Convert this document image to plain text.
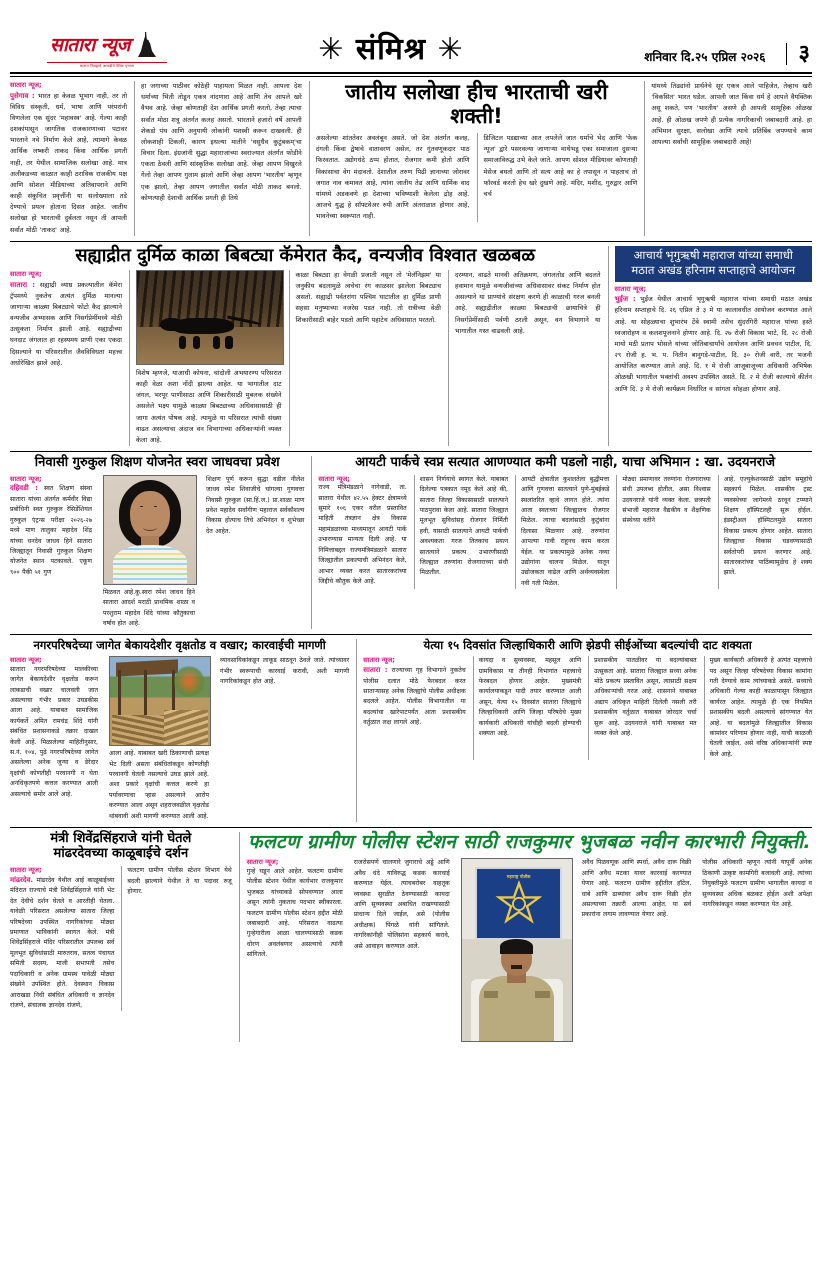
सातारा न्यूज
सातारा जिल्ह्याचे आघाडीचे दैनिक वृत्तपत्र	✳ संमिश्र ✳	शनिवार दि.२५ एप्रिल २०२६	३
सातारा न्यूज;
पुसेगाव : भारत हा केवळ भूभाग नाही, तर तो विविध संस्कृती, धर्म, भाषा आणि परंपरांनी विणलेला एक सुंदर 'महावस्त्र' आहे. गेल्या काही दशकांपासून जागतिक राजकारणाच्या पटावर भारताने नवे निर्माण केले आहे, त्यामागे केवळ आर्थिक लष्करी ताकद किंवा आर्थिक प्रगती नाही, तर येथील सामाजिक सलोखा आहे. मात्र अलीकडच्या काळात काही ठराविक राजकीय पक्ष आणि सोशल मीडियाच्या अतिवापराने आणि काही संकुचित प्रवृत्तींनी या सलोख्याला तडे देण्याचे प्रयत्न होताना दिसत आहेत. जातीय सलोखा हो भारताची दुर्बलता नसून ती आपली सर्वात मोठी 'ताकद' आहे.
हा जगाच्या पाठीवर कोठेही पाहायला मिळत नाही. आपला देश धर्माच्या भिंती तोडून एकत्र नांदणारा आहे आणि तेच आपले खरे वैभव आहे. जेव्हा कोणताही देश आर्थिक प्रगती करतो, तेव्हा त्याचा सर्वात मोठा शत्रू अंतर्गत कलह असतो. भारताने हजारो वर्षे आपली शेकडो पंथ आणि अनुयायी लोकांनी यशस्वी करून दाखवली. ही लोकशाही टिकली, कारण इथल्या मातीने 'वसुधैव कुटुंबकम्'चा विचार दिला. इंग्रजांनी सुद्धा महाराजांच्या स्वराज्यात अंतर्गत फोडीने एकता ठेवली आणि सांस्कृतिक सलोखा आहे. जेव्हा आपण विखुरले गेलो तेव्हा आपण गुलाम झालो आणि जेव्हा आपण 'भारतीय' म्हणून एक झालो, तेव्हा आपण जगातील सर्वात मोठी ताकद बनलो. कोणत्याही देशाची आर्थिक प्रगती ही तिथे
जातीय सलोखा हीच भारताची खरी शक्ती!
असलेल्या शांततेवर अवलंबून असते. जो देश अंतर्गत कलह, दंगली किंवा द्वेषाचे वातावरण असेल, तर गुंतवणूकदार पाठ फिरवतात. उद्योगधंदे ठप्प होतात, रोजगार कमी होतो आणि विकासाचा वेग मंदावतो. देशातील तरुण पिढी ज्ञानाच्या जोरावर जगात नाव कमावत आहे, त्यांना जातीय तेढ आणि धार्मिक वाद यांमध्ये अडकवणे हा देशाच्या भविष्याशी केलेला द्रोह आहे. आजचे युद्ध हे सॉफ्टवेअर रुपी आणि अंतराळात होणार आहे, भावनेच्या स्वरूपात नाही.
डिजिटल पडद्याच्या आत लपलेले जात धर्माचे भेद आणि 'फेक न्यूज' द्वारे पसरवल्या जाणाऱ्या माथेभडू एका समाजाला दुसऱ्या समाजाविरुद्ध उभे केले जाते. आपण सोशल मीडियावर कोणताही मेसेज बघतो आणि तो सत्य आहे का हे तपासून न पाहताच तो फॉरवर्ड करतो हेच खरे दुखणे आहे. मंदिर, मशीद, गुरुद्वार आणि चर्च
यांमध्ये तिढ्यांनो प्रार्थनेचे सूर एकत्र आले पाहिजेत, तेव्हाच खरी 'विकसित' भारत घडेल. आपली जात किंवा धर्म हे आपले वैयक्तिक असू शकते, पण 'भारतीय' असणे ही आपली सामूहिक ओळख आहे. ही ओळख जपणे ही प्रत्येक नागरिकाची जबाबदारी आहे. हा अभिमान सुरक्षा, सलोखा आणि त्याचे प्रतिबिंब जपण्याचे काम आपल्या सर्वांची सामूहिक जबाबदारी आहे!
सह्याद्रीत दुर्मिळ काळा बिबट्या कॅमेरात कैद, वन्यजीव विश्वात खळबळ
सातारा न्यूज;
सातारा : सह्याद्री व्याघ्र प्रकल्पातील कॅमेरा ट्रॅपमध्ये नुकतेच अत्यंत दुर्मिळ मानल्या जाणाऱ्या काळ्या बिबट्याचे फोटो कैद झाल्याने वन्यजीव अभ्यासक आणि निसर्गप्रेमींमध्ये मोठी उत्सुकता निर्माण झाली आहे. सह्याद्रीच्या घनदाट जंगलात हा रहस्यमय प्राणी एका एकदा दिसल्याने या परिसरातील जैवविविधता महत्त्व अधोरेखित झाले आहे.
विशेष म्हणजे, याआधी कोयना, चांदोली अभयारण्य परिसरात काही वेळा अशा नोंदी झाल्या आहेत. या भागातील दाट जंगल, भरपूर पाणीसाठा आणि शिकारीसाठी मुबलक संख्येने असलेले भक्ष्य यामुळे काळ्या बिबट्याच्या अधिवासासाठी ही जागा अत्यंत पोषक आहे. त्यामुळे या परिसरात त्यांची संख्या वाढत असल्याचा अंदाज वन विभागाच्या अधिकाऱ्यांनी व्यक्त केला आहे.
काळा बिबट्या हा वेगळी प्रजाती नसून तो 'मेलॅनिझम' या जनुकीय बदलामुळे त्वचेचा रंग काळसर झालेला बिबट्याच असतो. सह्याद्री पर्वतरांगा पश्चिम घाटातील हा दुर्मिळ प्राणी सहसा मनुष्याच्या नजरेस पडत नाही. तो रात्रीच्या वेळी शिकारीसाठी बाहेर पडतो आणि पहाटेच अधिवासात परततो.
दरम्यान, वाढते मानवी अतिक्रमण, जंगलतोड आणि बदलते हवामान यामुळे वन्यजीवांच्या अधिवासावर संकट निर्माण होत असल्याने या प्राण्यांचे संरक्षण करणे ही काळाची गरज बनली आहे. सह्याद्रीतील काळ्या बिबट्याची छायाचित्रे ही निसर्गप्रेमींसाठी पर्वणी ठरली असून, वन विभागाने या भागातील गस्त वाढवली आहे.
आचार्य भृगुऋषी महाराज यांच्या समाधी
मठात अखंड हरिनाम सप्ताहाचे आयोजन
सातारा न्यूज;
भुईंज : भुईंज येथील आचार्य भृगुऋषी महाराज यांच्या समाधी मठात अखंड हरिनाम सप्ताहाचे दि. २६ एप्रिल ते ३ मे या कालावधीत आयोजन करण्यात आले आहे. या सोहळ्याचा शुभारंभ टेंबे स्वामी तसेच सुंदरगिरी महाराज यांच्या हस्ते ध्वजारोहण व कलशपूजनाने होणार आहे. दि. २७ रोजी विकास भाटे, दि. २८ रोजी मायो मठी प्रताप भोसले यांच्या जोतिबाचार्यांचे आयोजन आणि प्रवचन पाटील, दि. २९ रोजी ह. भ. प. नितीन बानुगडे-पाटील, दि. ३० रोजी वारी, तर भजनी आयोजित करण्यात आले आहे. दि. १ मे रोजी आजूबाजूच्या अधिकारी अभिषेक ओळखी भागातील भक्तांची अवश्य उपस्थित असते. दि. २ मे रोजी काल्याचे कीर्तन आणि दि. ३ मे रोजी कार्यक्रम निर्धारित व सांगता सोहळा होणार आहे.
निवासी गुरुकुल शिक्षण योजनेत स्वरा जाधवचा प्रवेश
सातारा न्यूज;
दहिवडी : स्वत शिक्षण संस्था सातारा यांच्या अंतर्गत कर्मवीर विद्या प्रबोधिनी स्वत गुरुकुल रेसिडेंशियल गुरुकुल एंट्रन्स परीक्षा २०२६-२७ मध्ये माण तालुका महादेव शिंद्र यांच्या धनदेव जाधव हिने सातारा जिल्ह्यातून निवासी गुरुकुल शिक्षण योजनेत स्थान पटकावले. एकूण ९०० पैकी ५१ गुण
मिळवत आहे.कु.स्वरा रमेश जाधव हिने सातारा आदर्श मराठी प्राथमिक शाळा व परशुराम महादेव शिंदे यांच्या कौतुकाचा वर्षाव होत आहे.
शिक्षण पूर्ण करून सुद्धा वडील नीलेश जाधव रमेश शिवाजीचे चांगल्या गुणवत्ता निवासी गुरुकुल (सा.हिं.ज.) प्रा.शाळा माण प्रवेश महादेव सर्वांगीण महाराज सर्वकौशल्य विकास होत्याच तिचे अभिनंदन व शुभेच्छा देत आहेत.
आयटी पार्कचे स्वप्न सत्यात आणण्यात कमी पडलो नाही, याचा अभिमान : खा. उदयनराजे
सातारा न्यूज;
राज्य मंत्रिमंडळाने नागेवाडी, ता. सातारा येथील ४२.५५ हेक्टर क्षेत्रामध्ये सुमारे १०६ एकर वरील प्रस्तावित माहिती तंत्रज्ञान क्षेत्र विकास महामंडळाच्या माध्यमातून आयटी पार्क उभारण्यास मान्यता दिली आहे. या निमित्ताबद्दल राज्यमंत्रिमंडळाने सातारा जिल्ह्यातील प्रकल्पाची अभिनंदन केले, आभार व्यक्त करत सातारकरांच्या जिद्दीचे कौतुक केले आहे.
शासन निर्णयाचे स्वागत केले. याबाबत दिलेल्या पत्रकात नमूद केले आहे की, सातारा जिल्हा विकासासाठी सातत्याने पाठपुरावा केला आहे. सातारा जिल्ह्यात मूलभूत सुविधांसह रोजगार निर्मिती हवी, यासाठी सातत्याने आयटी पार्कची अवश्यकता गरज तितकाच प्रयत्न सातत्याने प्रकल्प उभारणीसाठी जिल्ह्यात तरुणांना रोजगाराच्या संधी मिळतील.
आयटी क्षेत्रातील कुशलतेला बुद्धीमत्ता आणि गुणवत्ता सातत्याने पुणे-मुंबईकडे स्थलांतरित व्हावे लागत होते. त्यांना आता स्वतःच्या जिल्ह्यातच रोजगार मिळेल. त्याचा बदलांसाठी कुटुंबांना दिलासा मिळणार आहे. तरुणांना आपल्या गावी राहूनच काम करता येईल. या प्रकल्पामुळे अनेक नव्या उद्योगांना चालना मिळेल. यातून उद्योजकता वाढेल आणि अर्थव्यवस्थेला नवी गती मिळेल.
मोठ्या प्रमाणावर तरुणांना रोजगाराच्या संधी उपलब्ध होतील, असा विश्वास उदयनराजे यांनी व्यक्त केला. छत्रपती संभाजी महाराज वैद्यकीय व शैक्षणिक संस्थेच्या वतीने
आहे. एज्युकेशनसाठी उद्योग समूहांचे सहकार्य मिळेल. शासकीय ट्रस्ट व्यवस्थेच्या जागेमध्ये ठरवून टप्प्याने शिक्षण हॉस्पिटलही सुरू होईल. इंडस्ट्रीअल हॉस्पिटलमुळे सातारा विकास प्रकल्प होणार आहेत. सातारा जिल्ह्याचा विकास घडवण्यासाठी सर्वतोपरी प्रयत्न करणार आहे. सातारकरांच्या पाठिंब्यामुळेच हे शक्य झाले.
नगरपरिषदेच्या जागेत बेकायदेशीर वृक्षतोड व वखार; कारवाईची मागणी
सातारा न्यूज;
सातारा नगरपरिषदेच्या मालकीच्या जागेत बेकायदेशीर वृक्षतोड करून लाकडाची वखार चालवली जात असल्याचा गंभीर प्रकार उघडकीस आला आहे. याबाबत सामाजिक कार्यकर्ते अमित रामचंद्र शिंदे यांनी संबंधित प्रशासनाकडे तक्रार दाखल केली आहे. मिळालेल्या माहितीनुसार, स.नं. १०४, पुढे नगरपरिषदेच्या जागेत असलेल्या अनेक जुन्या व डेरेदार वृक्षांची कोणतीही परवानगी न घेता अनधिकृतपणे कत्तल करण्यात आली असल्याचे समोर आले आहे.
आला आहे. याबाबत खरी ठिकाणाची प्रत्यक्ष भेट दिली असता संबंधितांकडून कोणतीही परवानगी घेतली नसल्याचे उघड झाले आहे. अशा प्रकारे वृक्षांची कत्तल करणे हा पर्यावरणाचा ऱ्हास असल्याने आरोप करण्यात आला असून शहराजवळील वृक्षतोड थांबवावी अशी मागणी करण्यात आली आहे.
व्यावसायिकांकडून लाकूड साठवून ठेवले जाते. त्यांच्यावर गंभीर स्वरूपाची कारवाई करावी, अशी मागणी नागरिकांकडून होत आहे.
येत्या १५ दिवसांत जिल्हाधिकारी आणि झेडपी सीईओंच्या बदल्यांची दाट शक्यता
सातारा न्यूज;
सातारा : राज्याच्या गृह विभागाने नुकतेच पोलीस दलात मोठे फेरबदल करत साताऱ्यासह अनेक जिल्ह्यांचे पोलीस अधीक्षक बदलले आहेत. पोलीस विभागातील या बदल्यांचा खारेपाटपर्यंत आता प्रशासकीय वर्तुळात लक्ष लागले आहे.
कायदा व सुव्यवस्था, महसूल आणि ग्रामविकास या तीनही विभागांत महत्त्वाचे फेरबदल होणार आहेत. मुख्यमंत्री कार्यालयाकडून यादी तयार करण्यात आली असून, येत्या १५ दिवसांत सातारा जिल्ह्याचे जिल्हाधिकारी आणि जिल्हा परिषदेचे मुख्य कार्यकारी अधिकारी यांचीही बदली होण्याची शक्यता आहे.
प्रशासकीय पातळीवर या बदल्यांबाबत उत्सुकता आहे. सातारा जिल्ह्यात सध्या अनेक मोठे प्रकल्प प्रस्तावित असून, त्यासाठी सक्षम अधिकाऱ्यांची गरज आहे. शासनाने याबाबत अद्याप अधिकृत माहिती दिलेली नसली तरी प्रशासकीय वर्तुळात याबाबत जोरदार चर्चा सुरू आहे. उदयनराजे यांनी याबाबत मत व्यक्त केले आहे.
मुख्य कार्यकारी अधिकारी हे अत्यंत महत्त्वाचे पद असून जिल्हा परिषदेच्या विकास कामांना गती देण्याचे काम त्यांच्याकडे असते. सध्याचे अधिकारी गेल्या काही काळापासून जिल्ह्यात कार्यरत आहेत. त्यामुळे ही एक नियमित प्रशासकीय बदली असल्याचे सांगण्यात येत आहे. या बदलांमुळे जिल्ह्यातील विकास कामांवर परिणाम होणार नाही, याची काळजी घेतली जाईल, असे वरिष्ठ अधिकाऱ्यांनी स्पष्ट केले आहे.
मंत्री शिवेंद्रसिंहराजे यांनी घेतले
मांढरदेवच्या काळूबाईचे दर्शन
सातारा न्यूज;
मांढरदेव. मांढरदेव येथील आई काळूबाईच्या मंदिरात राज्याचे मंत्री शिवेंद्रसिंहराजे यांनी भेट देत देवीचे दर्शन घेतले व आरतीही घेतला. यावेळी परिसरात असलेल्या सातारा जिल्हा परिषदेच्या उपस्थित नागरिकांच्या मोठ्या प्रमाणात भाविकांनी स्वागत केले. मंत्री शिवेंद्रसिंहराजे मंदिर परिसरातील उपलब्ध सर्व मूलभूत सुविधांसाठी मारुतराव, सतत्व पंचायत समिती सदस्य, माजी सभापती तसेच पदाधिकारी व अनेक ग्रामस्थ यावेळी मोठ्या संख्येने उपस्थित होते. देवस्थान विकास आराखडा निधी संबंधित अधिकारी व ज्ञानदेव रांजणे, संचालक ज्ञानदेव रांजणे,
फलटण ग्रामीण पोलीस स्टेशन विभाग येथे बदली झाल्याने येथील ते या पदावर रुजू होणार.
फलटण ग्रामीण पोलीस स्टेशन साठी राजकुमार भुजबळ नवीन कारभारी नियुक्ती.
सातारा न्यूज;
गुन्हे घडून आले आहेत. फलटण ग्रामीण पोलीस स्टेशन येथील कार्यभार राजकुमार भुजबळ यांच्याकडे सोपवण्यात आला असून त्यांनी नुकताच पदभार स्वीकारला. फलटण ग्रामीण पोलीस स्टेशन हद्दीत मोठी जबाबदारी आहे. परिसरात वाढत्या गुन्हेगारीला आळा घालण्यासाठी कडक धोरण अवलंबणार असल्याचे त्यांनी सांगितले.
राजरोसपणे चालणारे जुगाराचे अड्डे आणि अवैध धंदे याविरुद्ध कडक कारवाई करण्यात येईल. त्याचबरोबर वाहतूक व्यवस्था सुरळीत ठेवण्यासाठी कायदा आणि सुव्यवस्था अबाधित राखण्यासाठी प्राधान्य दिले जाईल, असे (पोलीस अधीक्षक) पिंगळे यांनी सांगितले. नागरिकांनीही पोलिसांना सहकार्य करावे, असे आवाहन करण्यात आले.
महाराष्ट्र पोलीस
अवैध पिळवणूक आणि स्पर्धा, अवैध दारू विक्री आणि अवैध मटका यावर कारवाई करण्यात येणार आहे. फलटण ग्रामीण हद्दीतील हॉटेल, धाबे आणि ढाब्यांवर अवैध दारू विक्री होत असल्याच्या तक्रारी आल्या आहेत. या सर्व प्रकारांना लगाम लावण्यात येणार आहे.
पोलीस अधिकारी म्हणून त्यांनी यापूर्वी अनेक ठिकाणी उत्कृष्ट कामगिरी बजावली आहे. त्यांच्या नियुक्तीमुळे फलटण ग्रामीण भागातील कायदा व सुव्यवस्था अधिक बळकट होईल अशी अपेक्षा नागरिकांकडून व्यक्त करण्यात येत आहे.
